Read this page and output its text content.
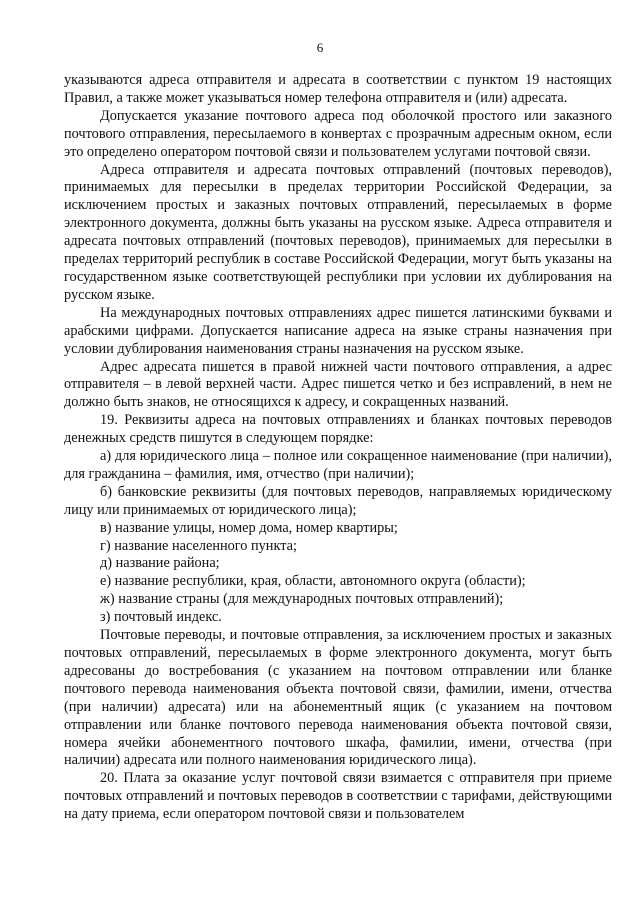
6

указываются адреса отправителя и адресата в соответствии с пунктом 19 настоящих Правил, а также может указываться номер телефона отправителя и (или) адресата.

Допускается указание почтового адреса под оболочкой простого или заказного почтового отправления, пересылаемого в конвертах с прозрачным адресным окном, если это определено оператором почтовой связи и пользователем услугами почтовой связи.

Адреса отправителя и адресата почтовых отправлений (почтовых переводов), принимаемых для пересылки в пределах территории Российской Федерации, за исключением простых и заказных почтовых отправлений, пересылаемых в форме электронного документа, должны быть указаны на русском языке. Адреса отправителя и адресата почтовых отправлений (почтовых переводов), принимаемых для пересылки в пределах территорий республик в составе Российской Федерации, могут быть указаны на государственном языке соответствующей республики при условии их дублирования на русском языке.

На международных почтовых отправлениях адрес пишется латинскими буквами и арабскими цифрами. Допускается написание адреса на языке страны назначения при условии дублирования наименования страны назначения на русском языке.

Адрес адресата пишется в правой нижней части почтового отправления, а адрес отправителя – в левой верхней части. Адрес пишется четко и без исправлений, в нем не должно быть знаков, не относящихся к адресу, и сокращенных названий.

19. Реквизиты адреса на почтовых отправлениях и бланках почтовых переводов денежных средств пишутся в следующем порядке:

а) для юридического лица – полное или сокращенное наименование (при наличии), для гражданина – фамилия, имя, отчество (при наличии);

б) банковские реквизиты (для почтовых переводов, направляемых юридическому лицу или принимаемых от юридического лица);

в) название улицы, номер дома, номер квартиры;

г) название населенного пункта;

д) название района;

е) название республики, края, области, автономного округа (области);

ж) название страны (для международных почтовых отправлений);

з) почтовый индекс.

Почтовые переводы, и почтовые отправления, за исключением простых и заказных почтовых отправлений, пересылаемых в форме электронного документа, могут быть адресованы до востребования (с указанием на почтовом отправлении или бланке почтового перевода наименования объекта почтовой связи, фамилии, имени, отчества (при наличии) адресата) или на абонементный ящик (с указанием на почтовом отправлении или бланке почтового перевода наименования объекта почтовой связи, номера ячейки абонементного почтового шкафа, фамилии, имени, отчества (при наличии) адресата или полного наименования юридического лица).

20. Плата за оказание услуг почтовой связи взимается с отправителя при приеме почтовых отправлений и почтовых переводов в соответствии с тарифами, действующими на дату приема, если оператором почтовой связи и пользователем
